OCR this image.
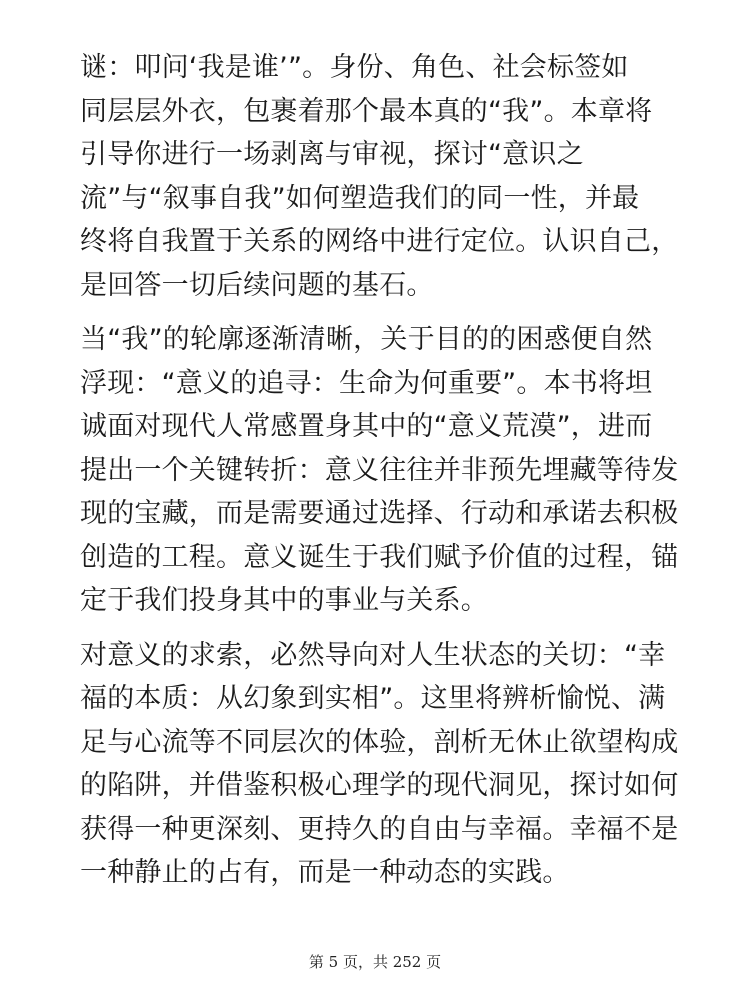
谜：叩问‘我是谁’”。身份、角色、社会标签如
同层层外衣，包裹着那个最本真的“我”。本章将
引导你进行一场剥离与审视，探讨“意识之
流”与“叙事自我”如何塑造我们的同一性，并最
终将自我置于关系的网络中进行定位。认识自己，
是回答一切后续问题的基石。
当“我”的轮廓逐渐清晰，关于目的的困惑便自然
浮现：“意义的追寻：生命为何重要”。本书将坦
诚面对现代人常感置身其中的“意义荒漠”，进而
提出一个关键转折：意义往往并非预先埋藏等待发
现的宝藏，而是需要通过选择、行动和承诺去积极
创造的工程。意义诞生于我们赋予价值的过程，锚
定于我们投身其中的事业与关系。
对意义的求索，必然导向对人生状态的关切：“幸
福的本质：从幻象到实相”。这里将辨析愉悦、满
足与心流等不同层次的体验，剖析无休止欲望构成
的陷阱，并借鉴积极心理学的现代洞见，探讨如何
获得一种更深刻、更持久的自由与幸福。幸福不是
一种静止的占有，而是一种动态的实践。
第 5 页，共 252 页
